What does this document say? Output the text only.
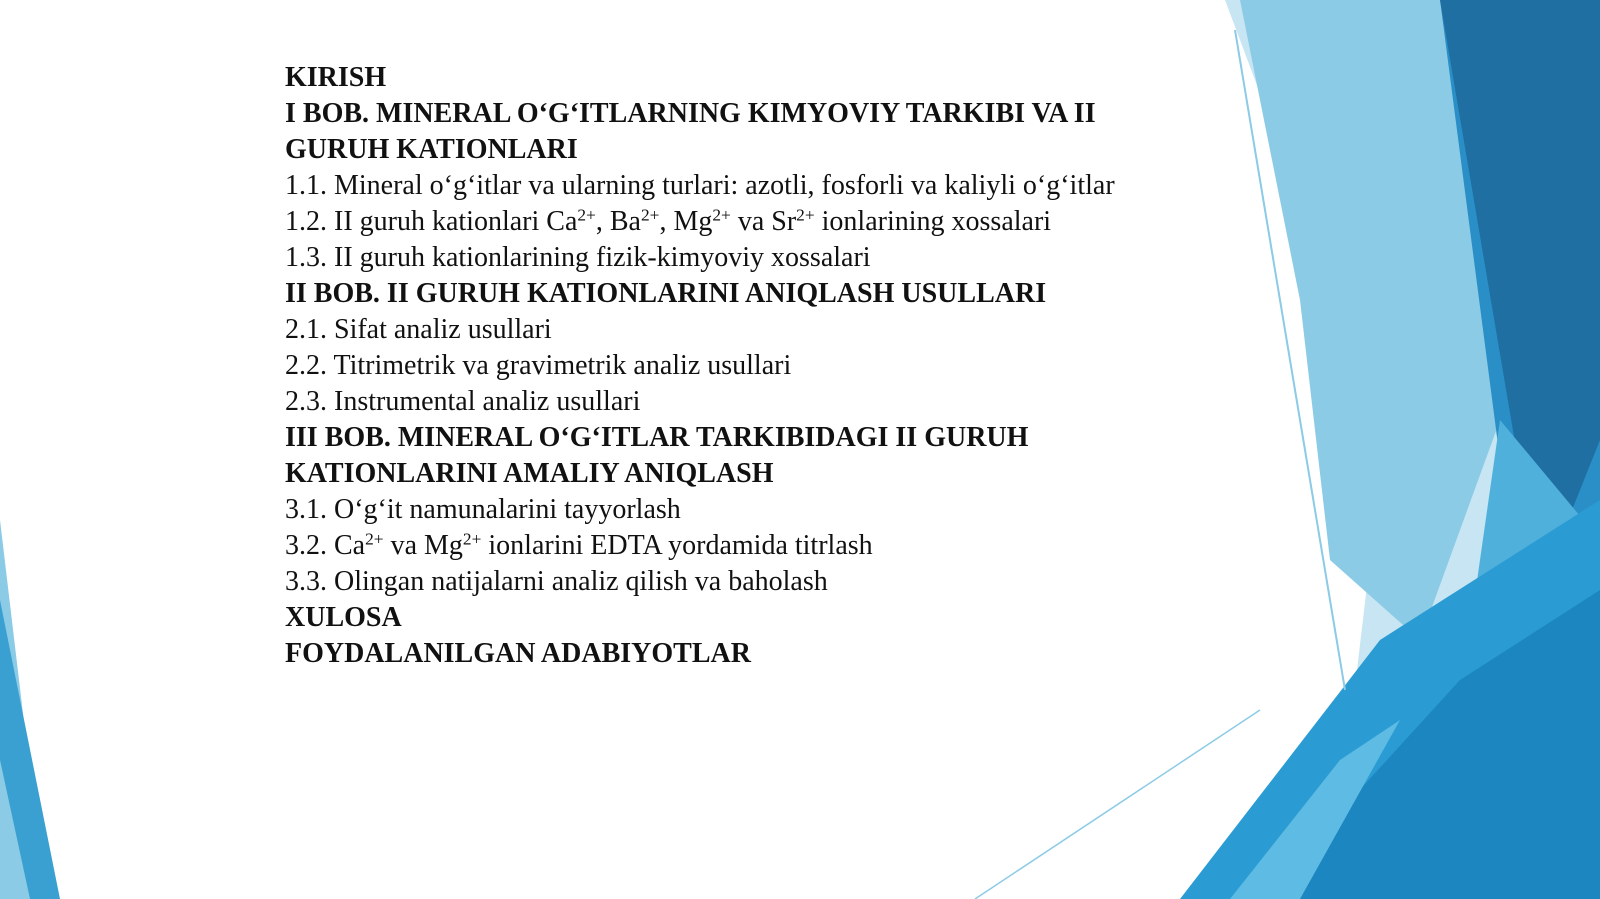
KIRISH
I BOB. MINERAL O‘G‘ITLARNING KIMYOVIY TARKIBI VA II
GURUH KATIONLARI
1.1. Mineral o‘g‘itlar va ularning turlari: azotli, fosforli va kaliyli o‘g‘itlar
1.2. II guruh kationlari $Ca^{2+}$, $Ba^{2+}$, $Mg^{2+}$ va $Sr^{2+}$ ionlarining xossalari
1.3. II guruh kationlarining fizik-kimyoviy xossalari
II BOB. II GURUH KATIONLARINI ANIQLASH USULLARI
2.1. Sifat analiz usullari
2.2. Titrimetrik va gravimetrik analiz usullari
2.3. Instrumental analiz usullari
III BOB. MINERAL O‘G‘ITLAR TARKIBIDAGI II GURUH
KATIONLARINI AMALIY ANIQLASH
3.1. O‘g‘it namunalarini tayyorlash
3.2. $Ca^{2+}$ va $Mg^{2+}$ ionlarini EDTA yordamida titrlash
3.3. Olingan natijalarni analiz qilish va baholash
XULOSA
FOYDALANILGAN ADABIYOTLAR
